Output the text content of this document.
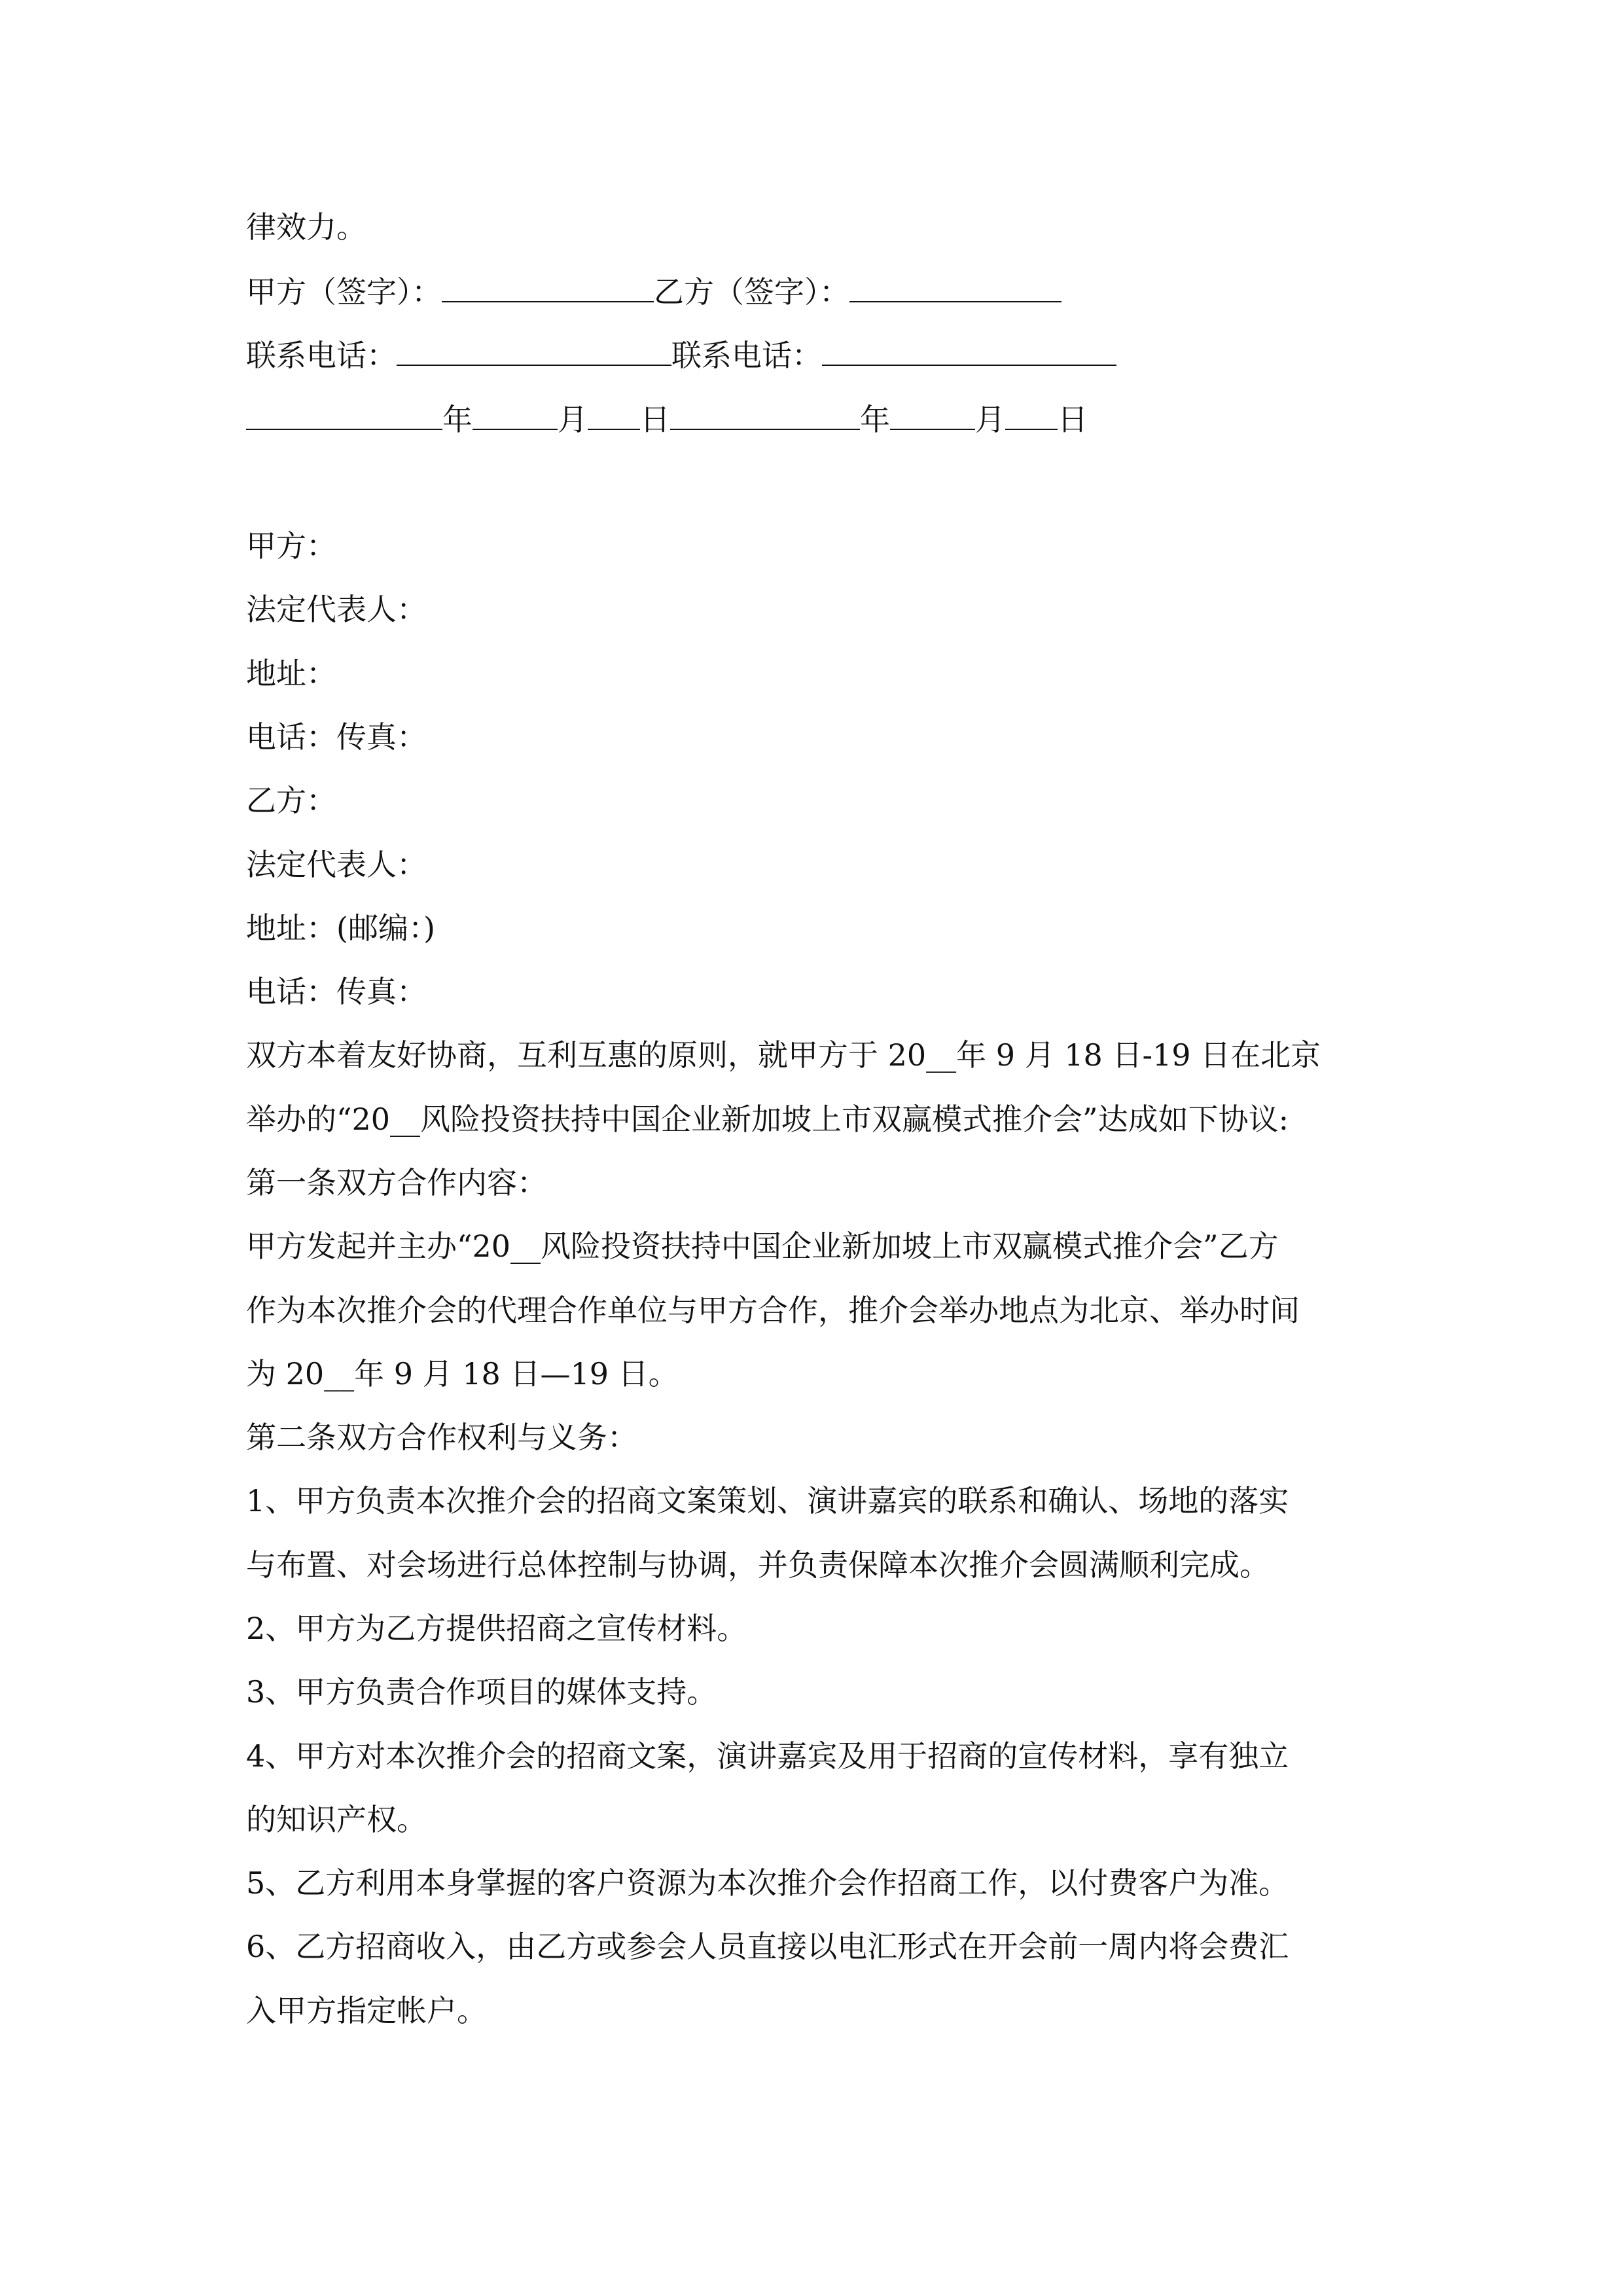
律效力。
甲方（签字）：	乙方（签字）：
联系电话：	联系电话：
年	月 日	年	月 日
甲方：
法定代表人：
地址：
电话：传真：
乙方：
法定代表人：
地址：(邮编：)
电话：传真：
双方本着友好协商，互利互惠的原则，就甲方于 20__年 9 月 18 日-19 日在北京
举办的“20__风险投资扶持中国企业新加坡上市双赢模式推介会”达成如下协议:
第一条双方合作内容：
甲方发起并主办“20__风险投资扶持中国企业新加坡上市双赢模式推介会”乙方
作为本次推介会的代理合作单位与甲方合作，推介会举办地点为北京、举办时间
为 20__年 9 月 18 日—19 日。
第二条双方合作权利与义务：
1、甲方负责本次推介会的招商文案策划、演讲嘉宾的联系和确认、场地的落实
与布置、对会场进行总体控制与协调，并负责保障本次推介会圆满顺利完成。
2、甲方为乙方提供招商之宣传材料。
3、甲方负责合作项目的媒体支持。
4、甲方对本次推介会的招商文案，演讲嘉宾及用于招商的宣传材料，享有独立
的知识产权。
5、乙方利用本身掌握的客户资源为本次推介会作招商工作，以付费客户为准。
6、乙方招商收入，由乙方或参会人员直接以电汇形式在开会前一周内将会费汇
入甲方指定帐户。
